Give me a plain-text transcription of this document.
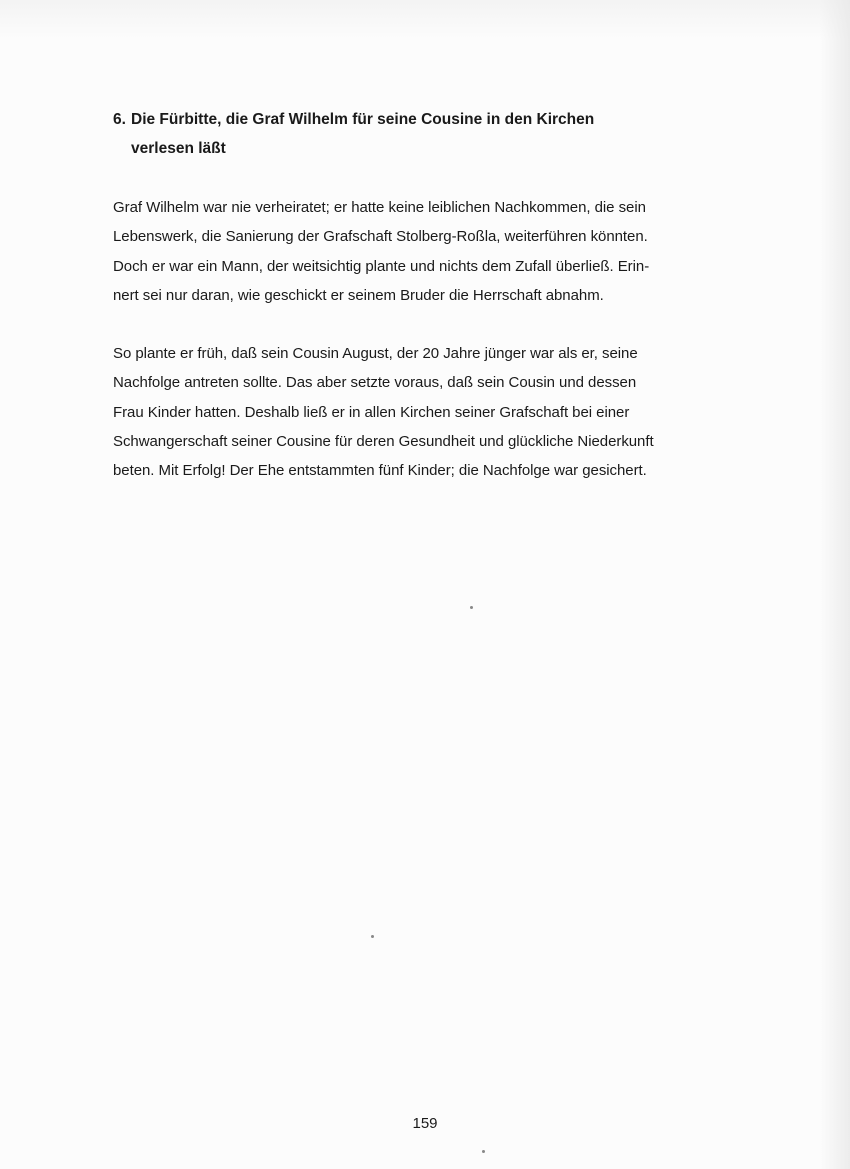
6. Die Fürbitte, die Graf Wilhelm für seine Cousine in den Kirchen
verlesen läßt

Graf Wilhelm war nie verheiratet; er hatte keine leiblichen Nachkommen, die sein
Lebenswerk, die Sanierung der Grafschaft Stolberg-Roßla, weiterführen könnten.
Doch er war ein Mann, der weitsichtig plante und nichts dem Zufall überließ. Erin-
nert sei nur daran, wie geschickt er seinem Bruder die Herrschaft abnahm.

So plante er früh, daß sein Cousin August, der 20 Jahre jünger war als er, seine
Nachfolge antreten sollte. Das aber setzte voraus, daß sein Cousin und dessen
Frau Kinder hatten. Deshalb ließ er in allen Kirchen seiner Grafschaft bei einer
Schwangerschaft seiner Cousine für deren Gesundheit und glückliche Niederkunft
beten. Mit Erfolg! Der Ehe entstammten fünf Kinder; die Nachfolge war gesichert.

159
